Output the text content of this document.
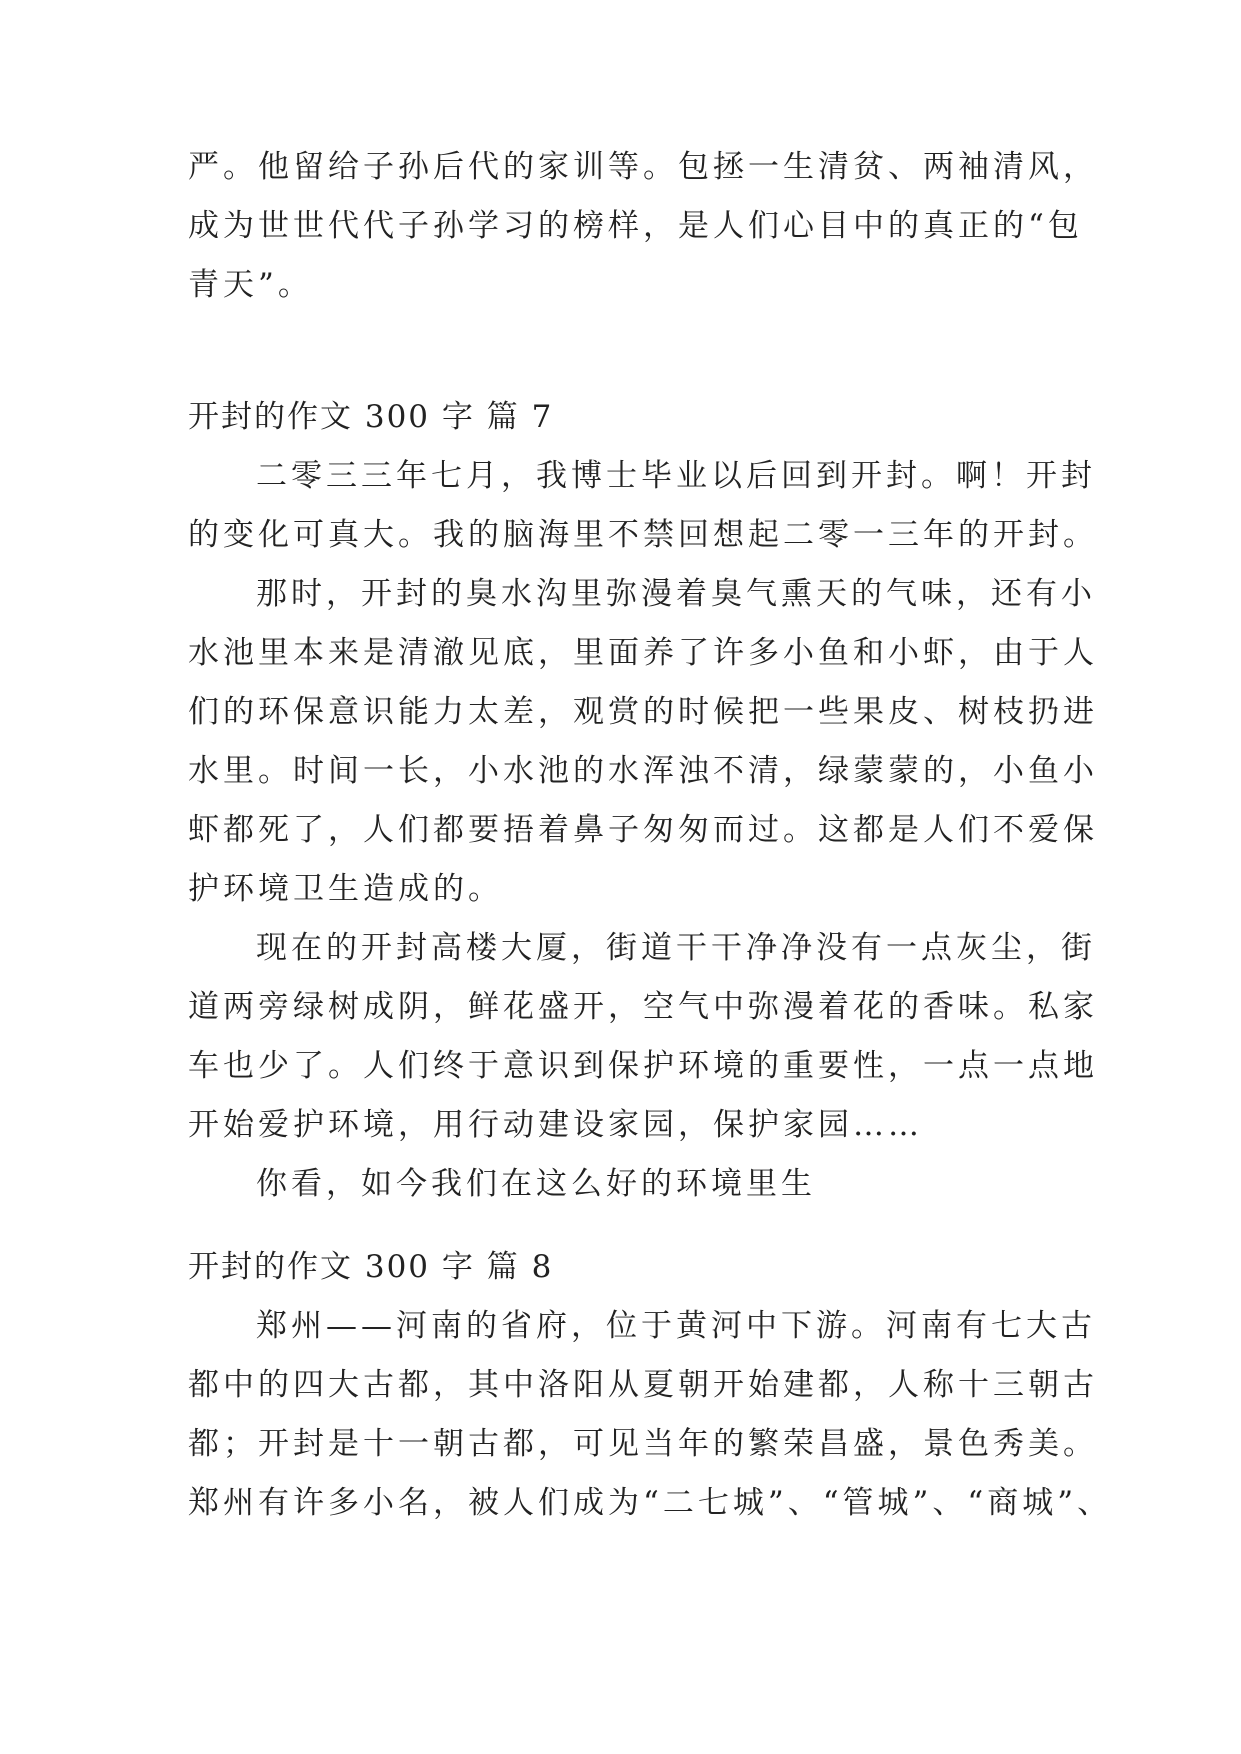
严。他留给子孙后代的家训等。包拯一生清贫、两袖清风，
成为世世代代子孙学习的榜样，是人们心目中的真正的“包
青天”。
开封的作文 300 字 篇 7
二零三三年七月，我博士毕业以后回到开封。啊！开封
的变化可真大。我的脑海里不禁回想起二零一三年的开封。
那时，开封的臭水沟里弥漫着臭气熏天的气味，还有小
水池里本来是清澈见底，里面养了许多小鱼和小虾，由于人
们的环保意识能力太差，观赏的时候把一些果皮、树枝扔进
水里。时间一长，小水池的水浑浊不清，绿蒙蒙的，小鱼小
虾都死了，人们都要捂着鼻子匆匆而过。这都是人们不爱保
护环境卫生造成的。
现在的开封高楼大厦，街道干干净净没有一点灰尘，街
道两旁绿树成阴，鲜花盛开，空气中弥漫着花的香味。私家
车也少了。人们终于意识到保护环境的重要性，一点一点地
开始爱护环境，用行动建设家园，保护家园……
你看，如今我们在这么好的环境里生
开封的作文 300 字 篇 8
郑州——河南的省府，位于黄河中下游。河南有七大古
都中的四大古都，其中洛阳从夏朝开始建都，人称十三朝古
都；开封是十一朝古都，可见当年的繁荣昌盛，景色秀美。
郑州有许多小名，被人们成为“二七城”、“管城”、“商城”、
